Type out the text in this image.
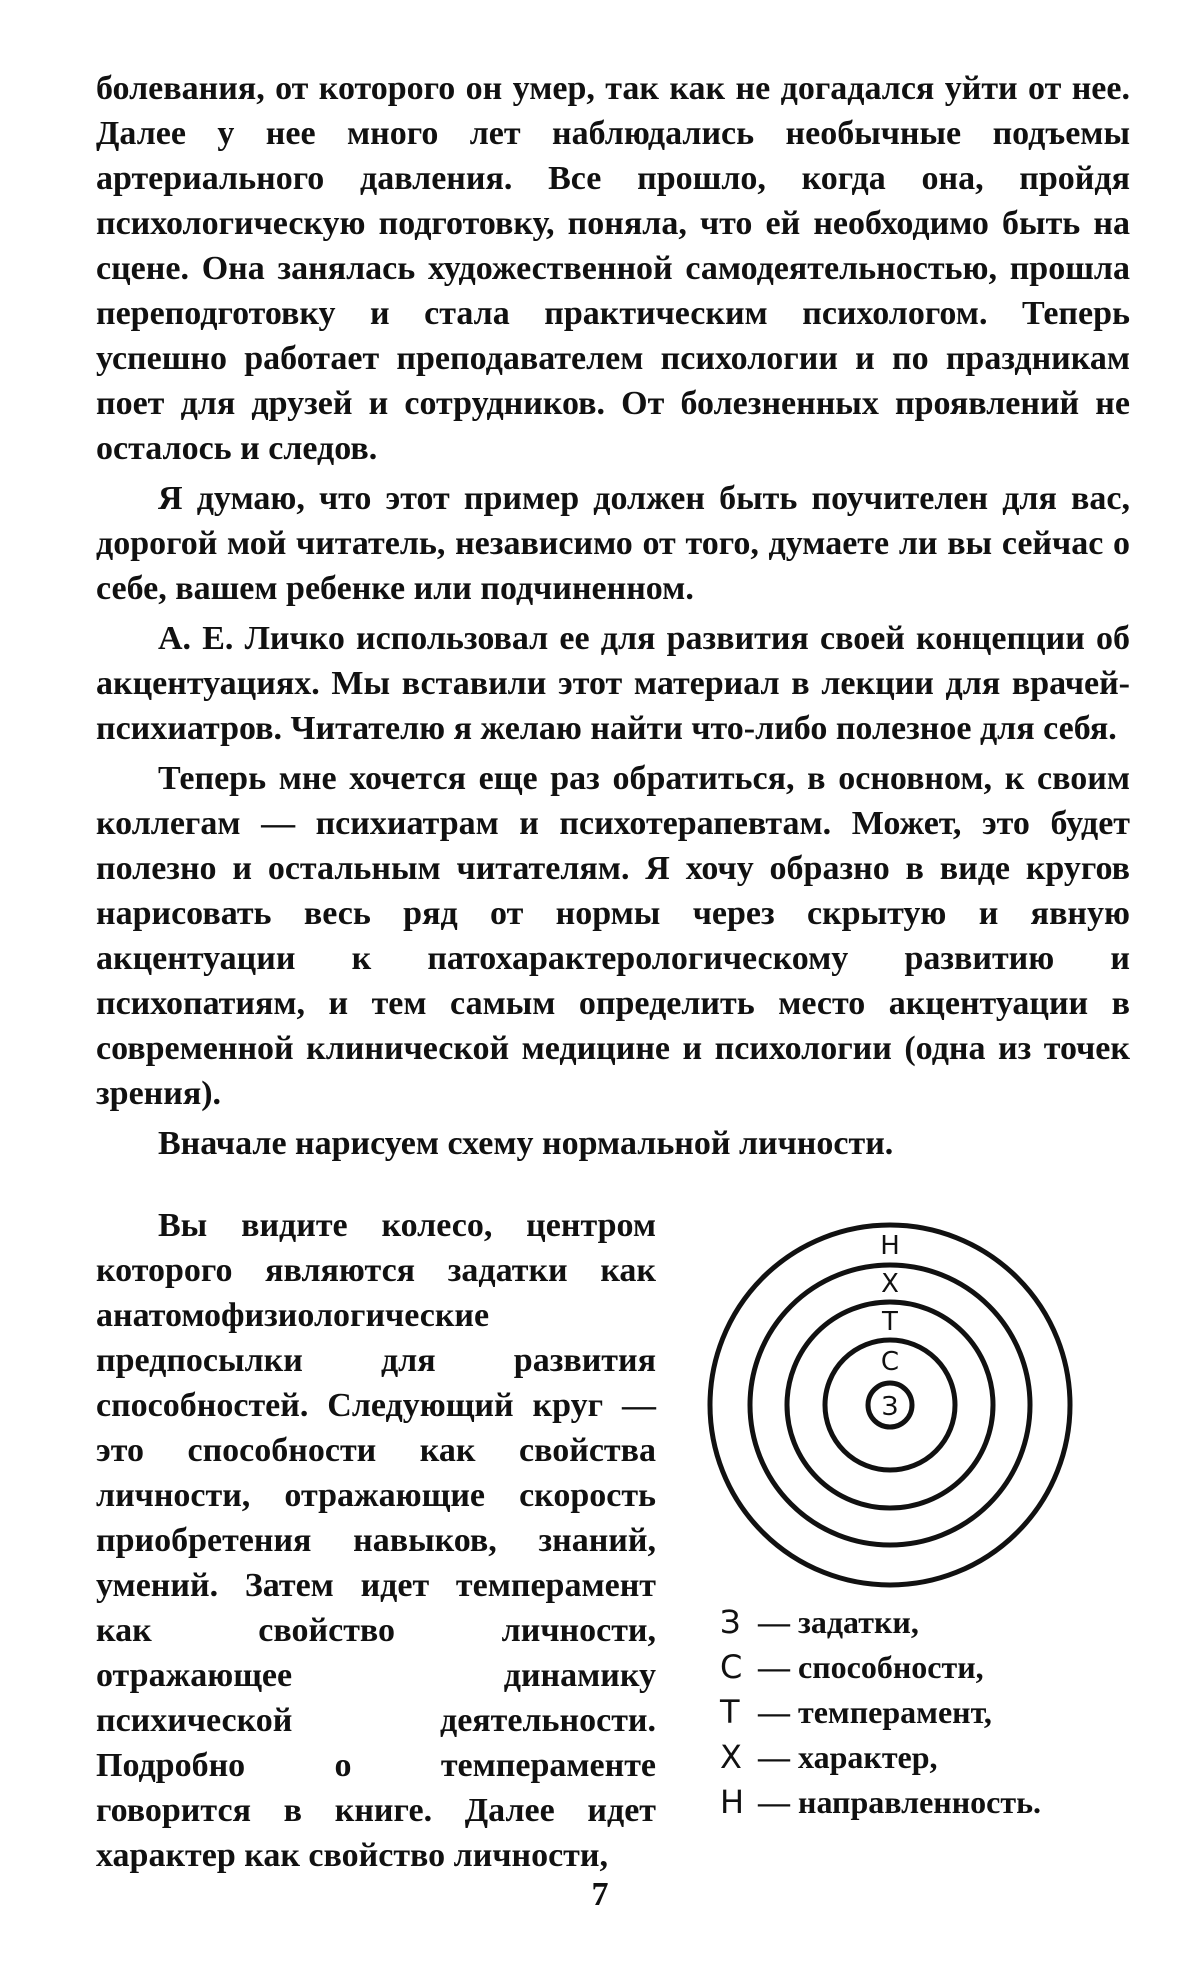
болевания, от которого он умер, так как не догадался уйти от нее. Далее у нее много лет наблюдались необычные подъемы артериального давления. Все прошло, когда она, пройдя психологическую подготовку, поняла, что ей необходимо быть на сцене. Она занялась художественной самодеятельностью, прошла переподготовку и стала практическим психологом. Теперь успешно работает преподавателем психологии и по праздникам поет для друзей и сотрудников. От болезненных проявлений не осталось и следов.

Я думаю, что этот пример должен быть поучителен для вас, дорогой мой читатель, независимо от того, думаете ли вы сейчас о себе, вашем ребенке или подчиненном.

А. Е. Личко использовал ее для развития своей концепции об акцентуациях. Мы вставили этот материал в лекции для врачей-психиатров. Читателю я желаю найти что-либо полезное для себя.

Теперь мне хочется еще раз обратиться, в основном, к своим коллегам — психиатрам и психотерапевтам. Может, это будет полезно и остальным читателям. Я хочу образно в виде кругов нарисовать весь ряд от нормы через скрытую и явную акцентуации к патохарактерологическому развитию и психопатиям, и тем самым определить место акцентуации в современной клинической медицине и психологии (одна из точек зрения).

Вначале нарисуем схему нормальной личности.

Вы видите колесо, центром которого являются задатки как анатомофизиологические предпосылки для развития способностей. Следующий круг — это способности как свойства личности, отражающие скорость приобретения навыков, знаний, умений. Затем идет темперамент как свойство личности, отражающее динамику психической деятельности. Подробно о темпераменте говорится в книге. Далее идет характер как свойство личности,

Н
Х
Т
С
З
З — задатки,
С — способности,
Т — темперамент,
Х — характер,
Н — направленность.
7
